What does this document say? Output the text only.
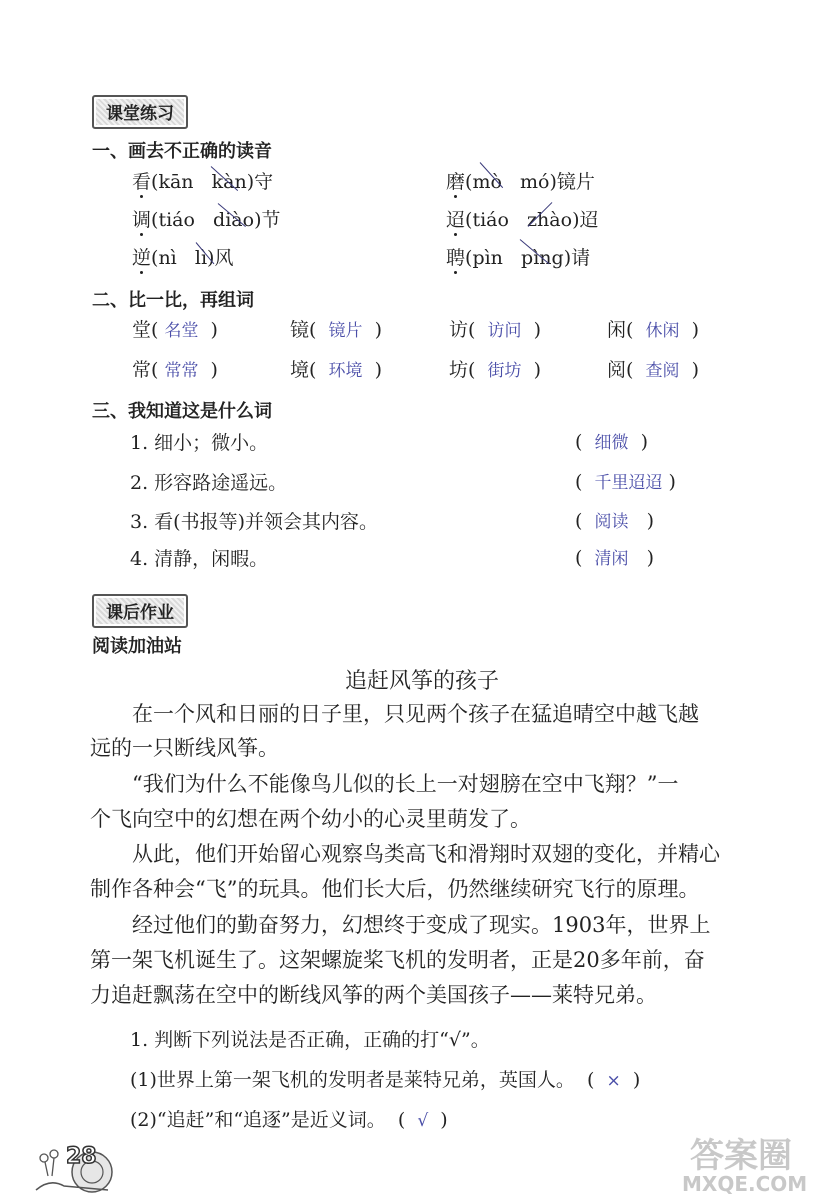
课堂练习
一、画去不正确的读音
看(kān kàn)守	磨(mò mó)镜片
调(tiáo diào)节	迢(tiáo zhào)迢
逆(nì lì)风	聘(pìn pìng)请
二、比一比，再组词
堂( 名堂  )	镜(  镜片  )	访(  访问  )	闲(  休闲  )
常( 常常  )	境(  环境  )	坊(  街坊  )	阅(  查阅  )
三、我知道这是什么词
1. 细小；微小。	(  细微  )
2. 形容路途遥远。	(  千里迢迢 )
3. 看(书报等)并领会其内容。	(  阅读   )
4. 清静，闲暇。	(  清闲   )
课后作业
阅读加油站
追赶风筝的孩子
在一个风和日丽的日子里，只见两个孩子在猛追晴空中越飞越
远的一只断线风筝。
“我们为什么不能像鸟儿似的长上一对翅膀在空中飞翔？”一
个飞向空中的幻想在两个幼小的心灵里萌发了。
从此，他们开始留心观察鸟类高飞和滑翔时双翅的变化，并精心
制作各种会“飞”的玩具。他们长大后，仍然继续研究飞行的原理。
经过他们的勤奋努力，幻想终于变成了现实。1903年，世界上
第一架飞机诞生了。这架螺旋桨飞机的发明者，正是20多年前，奋
力追赶飘荡在空中的断线风筝的两个美国孩子——莱特兄弟。
1. 判断下列说法是否正确，正确的打“√”。
(1)世界上第一架飞机的发明者是莱特兄弟，英国人。  (  ×  )
(2)“追赶”和“追逐”是近义词。  (  √  )
28	答案圈
MXQE.COM
